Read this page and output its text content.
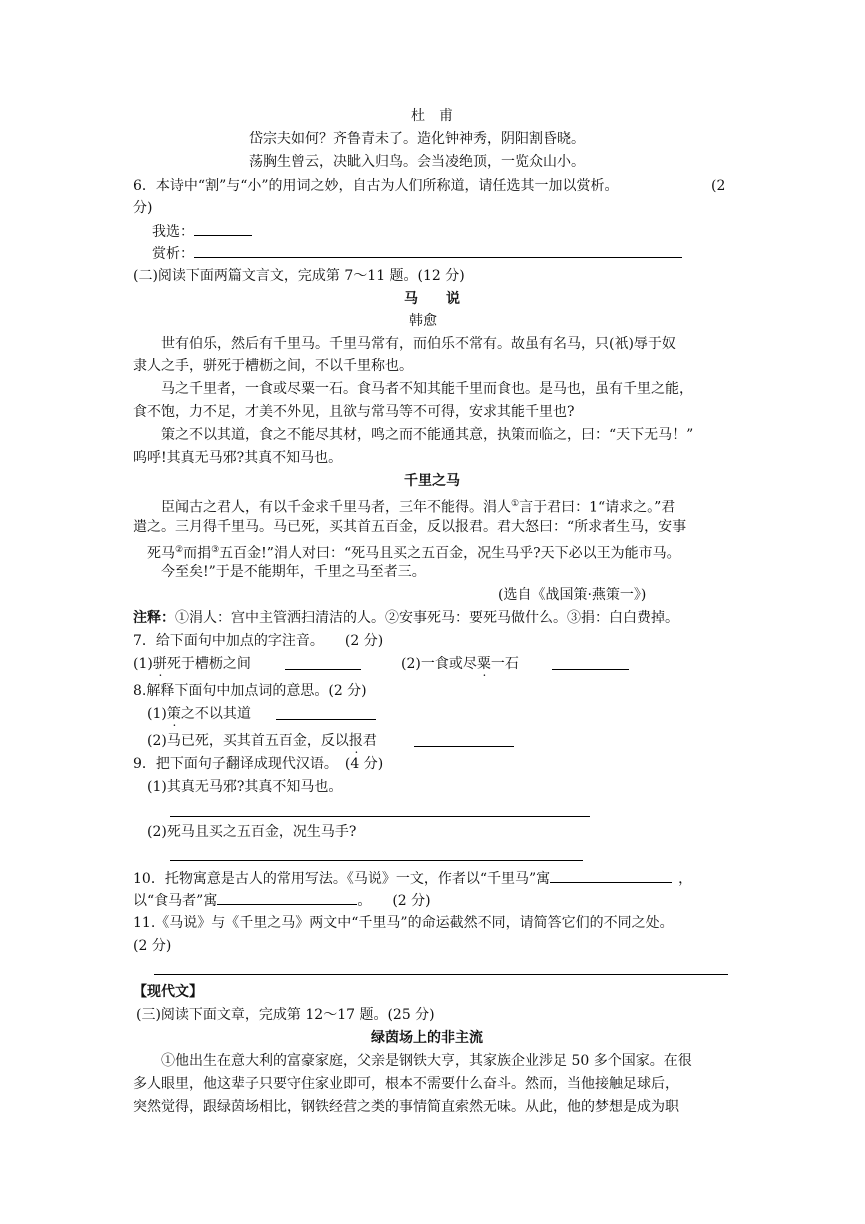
杜　甫
岱宗夫如何？齐鲁青未了。造化钟神秀，阴阳割昏晓。
荡胸生曾云，决眦入归鸟。会当凌绝顶，一览众山小。
6．本诗中“割”与“小”的用词之妙，自古为人们所称道，请任选其一加以赏析。	(2
分)
我选：
赏析：
(二)阅读下面两篇文言文，完成第 7～11 题。(12 分)
马　　说
韩愈
世有伯乐，然后有千里马。千里马常有，而伯乐不常有。故虽有名马，只(衹)辱于奴
隶人之手，骈死于槽枥之间，不以千里称也。
马之千里者，一食或尽粟一石。食马者不知其能千里而食也。是马也，虽有千里之能，
食不饱，力不足，才美不外见，且欲与常马等不可得，安求其能千里也?
策之不以其道，食之不能尽其材，鸣之而不能通其意，执策而临之，曰：“天下无马！”
呜呼!其真无马邪?其真不知马也。
千里之马
臣闻古之君人，有以千金求千里马者，三年不能得。涓人①言于君曰：1“请求之。”君
遣之。三月得千里马。马已死，买其首五百金，反以报君。君大怒曰：“所求者生马，安事
死马②而捐③五百金!”涓人对曰：“死马且买之五百金，况生马乎?天下必以王为能市马。
今至矣!”于是不能期年，千里之马至者三。
(选自《战国策·燕策一》)
注释：①涓人：宫中主管洒扫清洁的人。②安事死马：要死马做什么。③捐：白白费掉。
7．给下面句中加点的字注音。　　(2 分)
(1)骈死于槽枥之间	(2)一食或尽粟一石
8.解释下面句中加点词的意思。(2 分)
(1)策之不以其道
(2)马已死，买其首五百金，反以报君
9．把下面句子翻译成现代汉语。　(4 分)
(1)其真无马邪?其真不知马也。
(2)死马且买之五百金，况生马手?
10．托物寓意是古人的常用写法。《马说》一文，作者以“千里马”寓	，
以“食马者”寓	。　　(2 分)
11.《马说》与《千里之马》两文中“千里马”的命运截然不同，请简答它们的不同之处。
(2 分)
【现代文】
(三)阅读下面文章，完成第 12～17 题。(25 分)
绿茵场上的非主流
①他出生在意大利的富豪家庭，父亲是钢铁大亨，其家族企业涉足 50 多个国家。在很
多人眼里，他这辈子只要守住家业即可，根本不需要什么奋斗。然而，当他接触足球后，
突然觉得，跟绿茵场相比，钢铁经营之类的事情简直索然无味。从此，他的梦想是成为职
